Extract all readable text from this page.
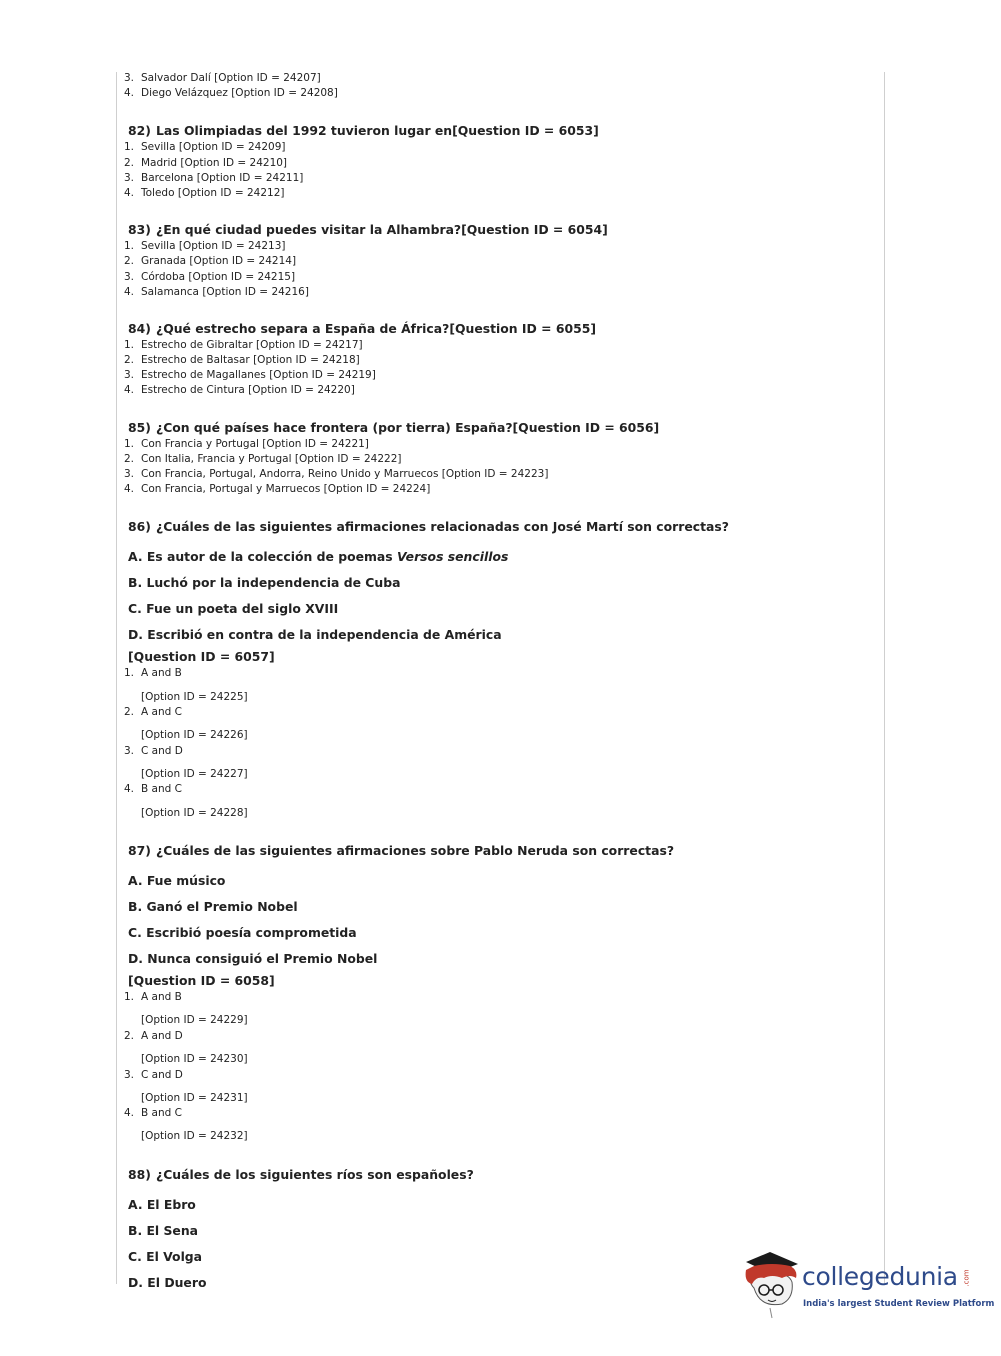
3. Salvador Dalí [Option ID = 24207]
4. Diego Velázquez [Option ID = 24208]
82) Las Olimpiadas del 1992 tuvieron lugar en[Question ID = 6053]
1. Sevilla [Option ID = 24209]
2. Madrid [Option ID = 24210]
3. Barcelona [Option ID = 24211]
4. Toledo [Option ID = 24212]
83) ¿En qué ciudad puedes visitar la Alhambra?[Question ID = 6054]
1. Sevilla [Option ID = 24213]
2. Granada [Option ID = 24214]
3. Córdoba [Option ID = 24215]
4. Salamanca [Option ID = 24216]
84) ¿Qué estrecho separa a España de África?[Question ID = 6055]
1. Estrecho de Gibraltar [Option ID = 24217]
2. Estrecho de Baltasar [Option ID = 24218]
3. Estrecho de Magallanes [Option ID = 24219]
4. Estrecho de Cintura [Option ID = 24220]
85) ¿Con qué países hace frontera (por tierra) España?[Question ID = 6056]
1. Con Francia y Portugal [Option ID = 24221]
2. Con Italia, Francia y Portugal [Option ID = 24222]
3. Con Francia, Portugal, Andorra, Reino Unido y Marruecos [Option ID = 24223]
4. Con Francia, Portugal y Marruecos [Option ID = 24224]
86) ¿Cuáles de las siguientes afirmaciones relacionadas con José Martí son correctas?
A. Es autor de la colección de poemas Versos sencillos
B. Luchó por la independencia de Cuba
C. Fue un poeta del siglo XVIII
D. Escribió en contra de la independencia de América
[Question ID = 6057]
1. A and B
[Option ID = 24225]
2. A and C
[Option ID = 24226]
3. C and D
[Option ID = 24227]
4. B and C
[Option ID = 24228]
87) ¿Cuáles de las siguientes afirmaciones sobre Pablo Neruda son correctas?
A. Fue músico
B. Ganó el Premio Nobel
C. Escribió poesía comprometida
D. Nunca consiguió el Premio Nobel
[Question ID = 6058]
1. A and B
[Option ID = 24229]
2. A and D
[Option ID = 24230]
3. C and D
[Option ID = 24231]
4. B and C
[Option ID = 24232]
88) ¿Cuáles de los siguientes ríos son españoles?
A. El Ebro
B. El Sena
C. El Volga
D. El Duero	collegedunia .com
India's largest Student Review Platform
